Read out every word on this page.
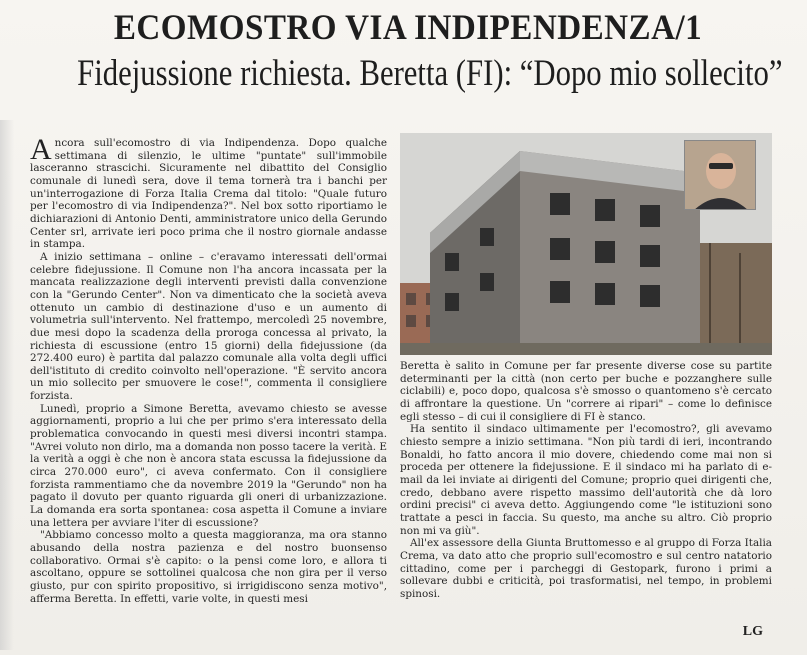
ECOMOSTRO VIA INDIPENDENZA/1
Fidejussione richiesta. Beretta (FI): “Dopo mio sollecito”

Ancora sull'ecomostro di via Indipendenza. Dopo qualche settimana di silenzio, le ultime "puntate" sull'immobile lasceranno strascichi. Sicuramente nel dibattito del Consiglio comunale di lunedì sera, dove il tema tornerà tra i banchi per un'interrogazione di Forza Italia Crema dal titolo: "Quale futuro per l'ecomostro di via Indipendenza?". Nel box sotto riportiamo le dichiarazioni di Antonio Denti, amministratore unico della Gerundo Center srl, arrivate ieri poco prima che il nostro giornale andasse in stampa.

A inizio settimana – online – c'eravamo interessati dell'ormai celebre fidejussione. Il Comune non l'ha ancora incassata per la mancata realizzazione degli interventi previsti dalla convenzione con la "Gerundo Center". Non va dimenticato che la società aveva ottenuto un cambio di destinazione d'uso e un aumento di volumetria sull'intervento. Nel frattempo, mercoledì 25 novembre, due mesi dopo la scadenza della proroga concessa al privato, la richiesta di escussione (entro 15 giorni) della fidejussione (da 272.400 euro) è partita dal palazzo comunale alla volta degli uffici dell'istituto di credito coinvolto nell'operazione. "È servito ancora un mio sollecito per smuovere le cose!", commenta il consigliere forzista.

Lunedì, proprio a Simone Beretta, avevamo chiesto se avesse aggiornamenti, proprio a lui che per primo s'era interessato della problematica convocando in questi mesi diversi incontri stampa. "Avrei voluto non dirlo, ma a domanda non posso tacere la verità. E la verità a oggi è che non è ancora stata escussa la fidejussione da circa 270.000 euro", ci aveva confermato. Con il consigliere forzista rammentiamo che da novembre 2019 la "Gerundo" non ha pagato il dovuto per quanto riguarda gli oneri di urbanizzazione. La domanda era sorta spontanea: cosa aspetta il Comune a inviare una lettera per avviare l'iter di escussione?

"Abbiamo concesso molto a questa maggioranza, ma ora stanno abusando della nostra pazienza e del nostro buonsenso collaborativo. Ormai s'è capito: o la pensi come loro, e allora ti ascoltano, oppure se sottolinei qualcosa che non gira per il verso giusto, pur con spirito propositivo, si irrigidiscono senza motivo", afferma Beretta. In effetti, varie volte, in questi mesi

Beretta è salito in Comune per far presente diverse cose su partite determinanti per la città (non certo per buche e pozzanghere sulle ciclabili) e, poco dopo, qualcosa s'è smosso o quantomeno s'è cercato di affrontare la questione. Un "correre ai ripari" – come lo definisce egli stesso – di cui il consigliere di FI è stanco.

Ha sentito il sindaco ultimamente per l'ecomostro?, gli avevamo chiesto sempre a inizio settimana. "Non più tardi di ieri, incontrando Bonaldi, ho fatto ancora il mio dovere, chiedendo come mai non si proceda per ottenere la fidejussione. E il sindaco mi ha parlato di e-mail da lei inviate ai dirigenti del Comune; proprio quei dirigenti che, credo, debbano avere rispetto massimo dell'autorità che dà loro ordini precisi" ci aveva detto. Aggiungendo come "le istituzioni sono trattate a pesci in faccia. Su questo, ma anche su altro. Ciò proprio non mi va giù".

All'ex assessore della Giunta Bruttomesso e al gruppo di Forza Italia Crema, va dato atto che proprio sull'ecomostro e sul centro natatorio cittadino, come per i parcheggi di Gestopark, furono i primi a sollevare dubbi e criticità, poi trasformatisi, nel tempo, in problemi spinosi.

LG
